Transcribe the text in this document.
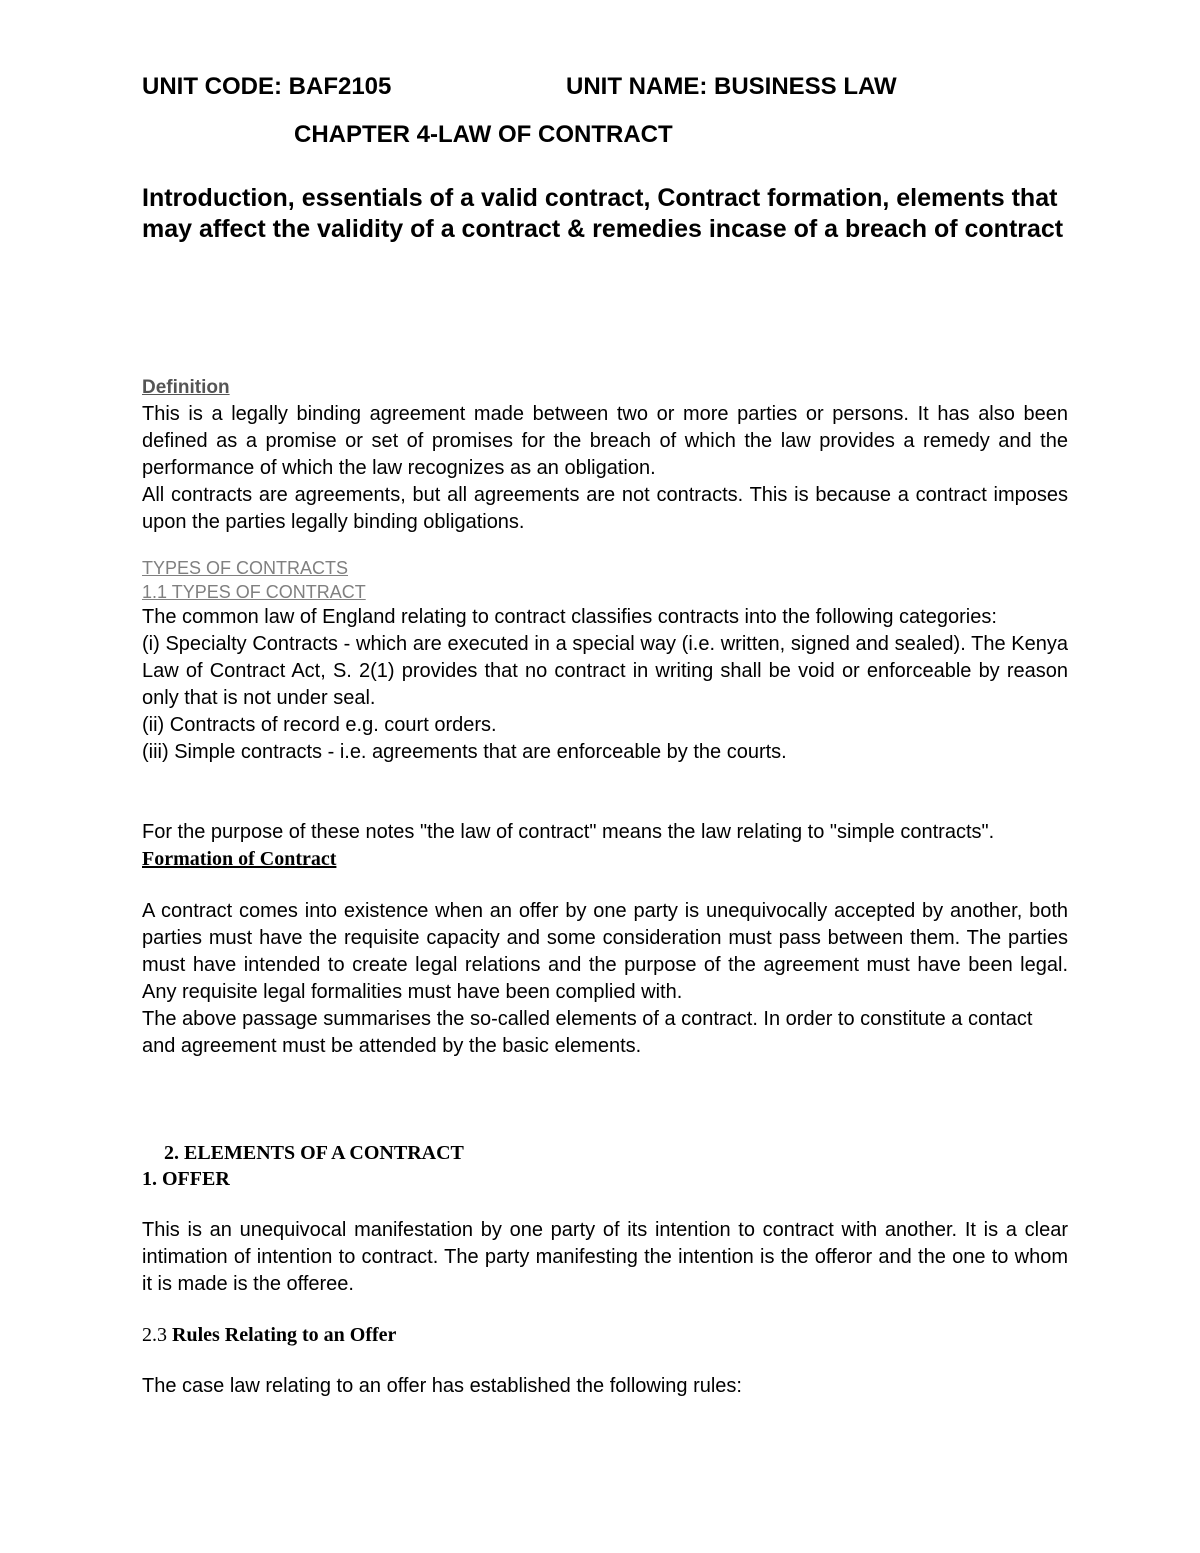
UNIT CODE: BAF2105	UNIT NAME: BUSINESS LAW
CHAPTER 4-LAW OF CONTRACT

Introduction, essentials of a valid contract, Contract formation, elements that may affect the validity of a contract & remedies incase of a breach of contract

Definition

This is a legally binding agreement made between two or more parties or persons. It has also been defined as a promise or set of promises for the breach of which the law provides a remedy and the performance of which the law recognizes as an obligation.

All contracts are agreements, but all agreements are not contracts. This is because a contract imposes upon the parties legally binding obligations.

TYPES OF CONTRACTS
1.1 TYPES OF CONTRACT

The common law of England relating to contract classifies contracts into the following categories:

(i) Specialty Contracts - which are executed in a special way (i.e. written, signed and sealed). The Kenya Law of Contract Act, S. 2(1) provides that no contract in writing shall be void or enforceable by reason only that is not under seal.

(ii) Contracts of record e.g. court orders.

(iii) Simple contracts - i.e. agreements that are enforceable by the courts.

For the purpose of these notes "the law of contract" means the law relating to "simple contracts".

Formation of Contract

A contract comes into existence when an offer by one party is unequivocally accepted by another, both parties must have the requisite capacity and some consideration must pass between them. The parties must have intended to create legal relations and the purpose of the agreement must have been legal. Any requisite legal formalities must have been complied with.

The above passage summarises the so-called elements of a contract. In order to constitute a contact and agreement must be attended by the basic elements.

2. ELEMENTS OF A CONTRACT
1. OFFER

This is an unequivocal manifestation by one party of its intention to contract with another. It is a clear intimation of intention to contract. The party manifesting the intention is the offeror and the one to whom it is made is the offeree.

2.3 Rules Relating to an Offer

The case law relating to an offer has established the following rules:
